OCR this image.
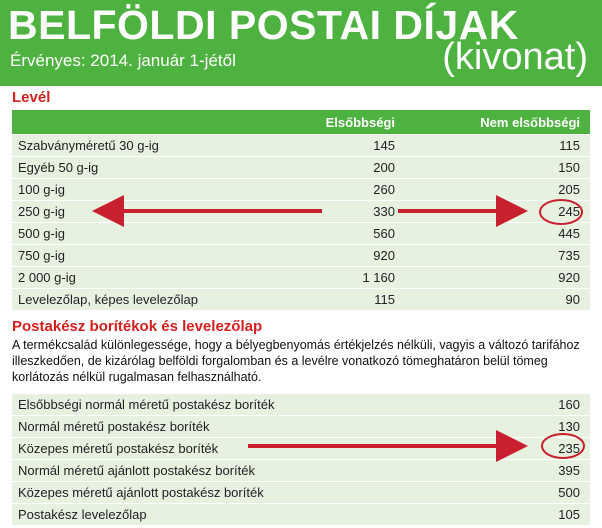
BELFÖLDI POSTAI DÍJAK
Érvényes: 2014. január 1-jétől	(kivonat)
Levél
Elsőbbségi	Nem elsőbbségi
Szabványméretű 30 g-ig	145	115
Egyéb 50 g-ig	200	150
100 g-ig	260	205
250 g-ig	330	245
500 g-ig	560	445
750 g-ig	920	735
2 000 g-ig	1 160	920
Levelezőlap, képes levelezőlap	115	90
Postakész borítékok és levelezőlap
A termékcsalád különlegessége, hogy a bélyegbenyomás értékjelzés nélküli, vagyis a változó tarifához illeszkedően, de kizárólag belföldi forgalomban és a levélre vonatkozó tömeghatáron belül tömeg korlátozás nélkül rugalmasan felhasználható.
Elsőbbségi normál méretű postakész boríték	160
Normál méretű postakész boríték	130
Közepes méretű postakész boríték	235
Normál méretű ajánlott postakész boríték	395
Közepes méretű ajánlott postakész boríték	500
Postakész levelezőlap	105
